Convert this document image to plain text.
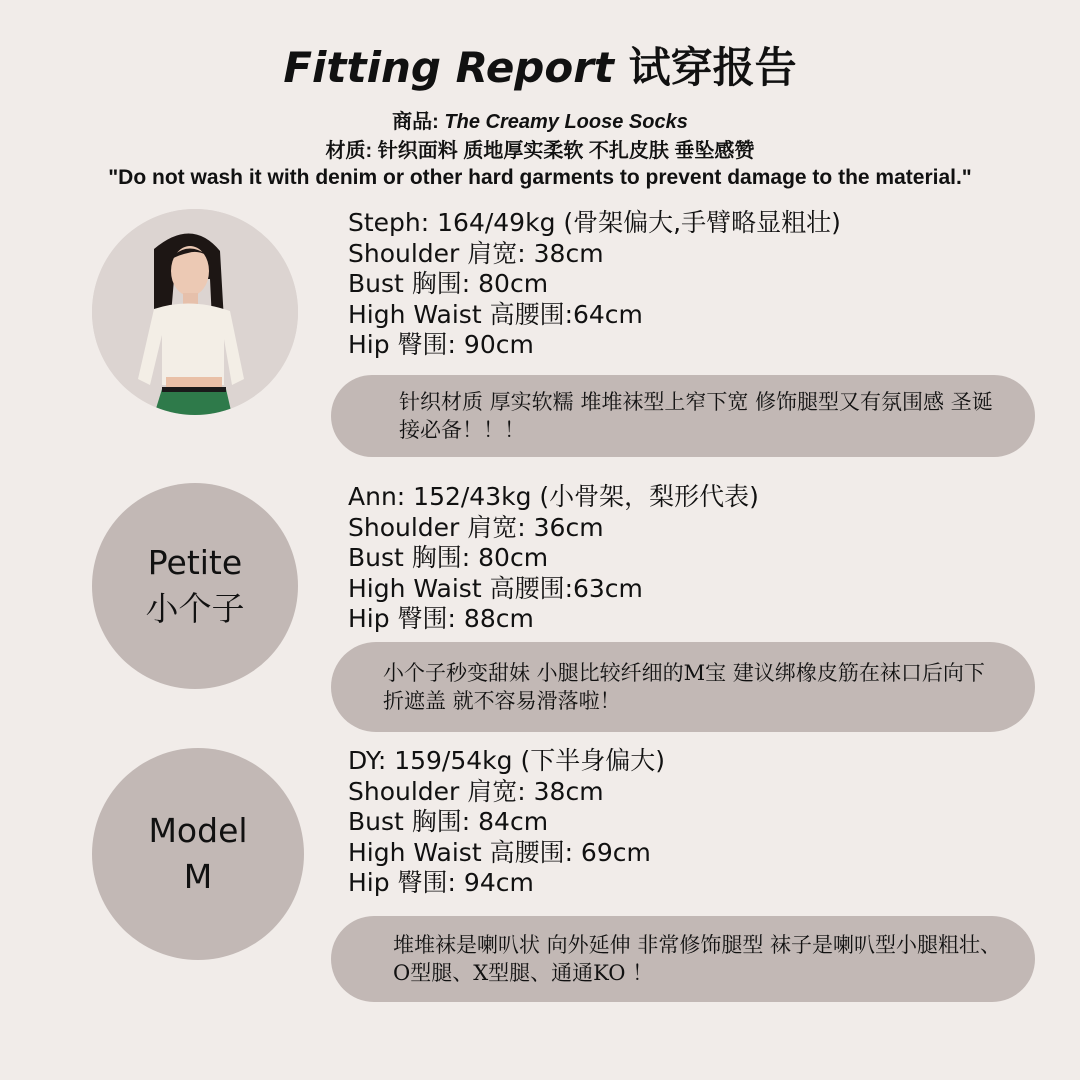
Fitting Report 试穿报告
商品: The Creamy Loose Socks
材质: 针织面料 质地厚实柔软 不扎皮肤 垂坠感赞
"Do not wash it with denim or other hard garments to prevent damage to the material."
Steph: 164/49kg (骨架偏大,手臂略显粗壮)
Shoulder 肩宽: 38cm
Bust 胸围: 80cm
High Waist 高腰围:64cm
Hip 臀围: 90cm
针织材质 厚实软糯 堆堆袜型上窄下宽 修饰腿型又有氛围感 圣诞接必备！！！
Petite
小个子
Ann: 152/43kg (小骨架，梨形代表)
Shoulder 肩宽: 36cm
Bust 胸围: 80cm
High Waist 高腰围:63cm
Hip 臀围: 88cm
小个子秒变甜妹 小腿比较纤细的M宝 建议绑橡皮筋在袜口后向下折遮盖 就不容易滑落啦！
Model
M
DY: 159/54kg (下半身偏大)
Shoulder 肩宽: 38cm
Bust 胸围: 84cm
High Waist 高腰围: 69cm
Hip 臀围: 94cm
堆堆袜是喇叭状 向外延伸 非常修饰腿型 袜子是喇叭型小腿粗壮、O型腿、X型腿、通通KO ！
